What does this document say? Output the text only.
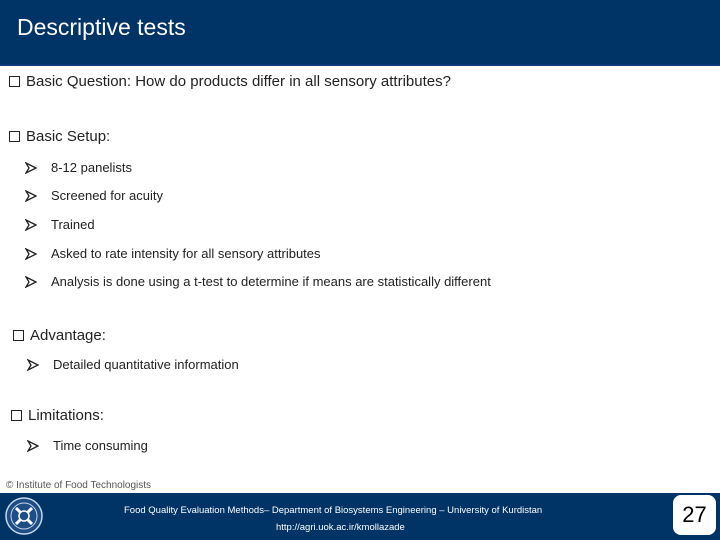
Descriptive tests
Basic Question: How do products differ in all sensory attributes?
Basic Setup:
8-12 panelists
Screened for acuity
Trained
Asked to rate intensity for all sensory attributes
Analysis is done using a t-test to determine if means are statistically different
Advantage:
Detailed quantitative information
Limitations:
Time consuming
© Institute of Food Technologists
Food Quality Evaluation Methods– Department of Biosystems Engineering – University of Kurdistan
http://agri.uok.ac.ir/kmollazade
27
